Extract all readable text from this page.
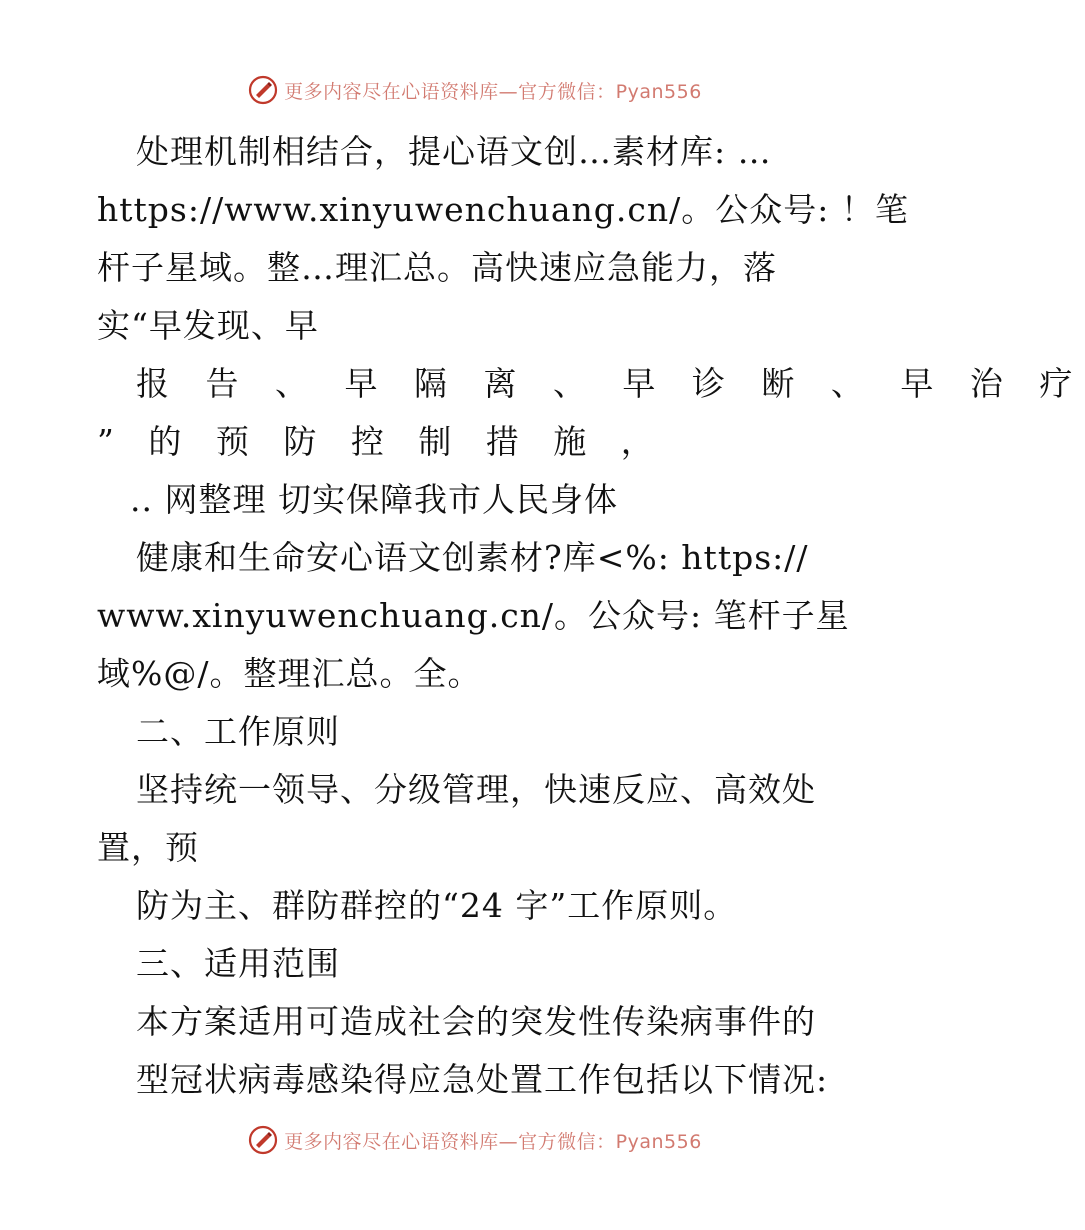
更多内容尽在心语资料库—官方微信：Pyan556
处理机制相结合，提心语文创…素材库: …
https://www.xinyuwenchuang.cn/。公众号: ！笔
杆子星域。整…理汇总。高快速应急能力，落
实“早发现、早
报 告 、 早 隔 离 、 早 诊 断 、 早 治 疗
” 的 预 防 控 制 措 施 ，
.. 网整理 切实保障我市人民身体
健康和生命安心语文创素材?库<%: https://
www.xinyuwenchuang.cn/。公众号: 笔杆子星
域%@/。整理汇总。全。
二、工作原则
坚持统一领导、分级管理，快速反应、高效处
置，预
防为主、群防群控的“24 字”工作原则。
三、适用范围
本方案适用可造成社会的突发性传染病事件的
型冠状病毒感染得应急处置工作包括以下情况:
更多内容尽在心语资料库—官方微信：Pyan556
